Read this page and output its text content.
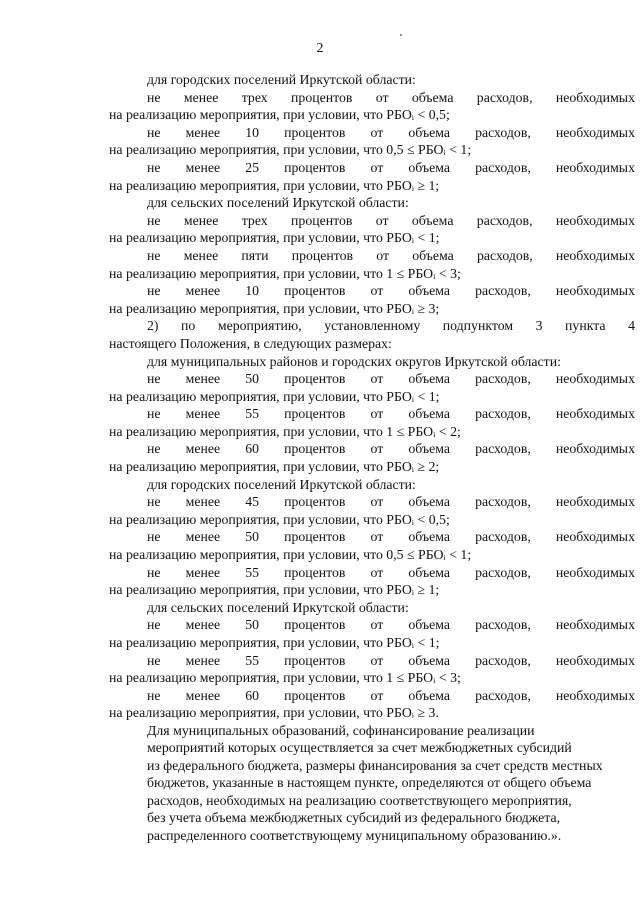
2
для городских поселений Иркутской области:
не менее трех процентов от объема расходов, необходимых
на реализацию мероприятия, при условии, что РБОᵢ < 0,5;
не менее 10 процентов от объема расходов, необходимых
на реализацию мероприятия, при условии, что 0,5 ≤ РБОᵢ < 1;
не менее 25 процентов от объема расходов, необходимых
на реализацию мероприятия, при условии, что РБОᵢ ≥ 1;
для сельских поселений Иркутской области:
не менее трех процентов от объема расходов, необходимых
на реализацию мероприятия, при условии, что РБОᵢ < 1;
не менее пяти процентов от объема расходов, необходимых
на реализацию мероприятия, при условии, что 1 ≤ РБОᵢ < 3;
не менее 10 процентов от объема расходов, необходимых
на реализацию мероприятия, при условии, что РБОᵢ ≥ 3;
2) по мероприятию, установленному подпунктом 3 пункта 4
настоящего Положения, в следующих размерах:
для муниципальных районов и городских округов Иркутской области:
не менее 50 процентов от объема расходов, необходимых
на реализацию мероприятия, при условии, что РБОᵢ < 1;
не менее 55 процентов от объема расходов, необходимых
на реализацию мероприятия, при условии, что 1 ≤ РБОᵢ < 2;
не менее 60 процентов от объема расходов, необходимых
на реализацию мероприятия, при условии, что РБОᵢ ≥ 2;
для городских поселений Иркутской области:
не менее 45 процентов от объема расходов, необходимых
на реализацию мероприятия, при условии, что РБОᵢ < 0,5;
не менее 50 процентов от объема расходов, необходимых
на реализацию мероприятия, при условии, что 0,5 ≤ РБОᵢ < 1;
не менее 55 процентов от объема расходов, необходимых
на реализацию мероприятия, при условии, что РБОᵢ ≥ 1;
для сельских поселений Иркутской области:
не менее 50 процентов от объема расходов, необходимых
на реализацию мероприятия, при условии, что РБОᵢ < 1;
не менее 55 процентов от объема расходов, необходимых
на реализацию мероприятия, при условии, что 1 ≤ РБОᵢ < 3;
не менее 60 процентов от объема расходов, необходимых
на реализацию мероприятия, при условии, что РБОᵢ ≥ 3.
Для муниципальных образований, софинансирование реализации
мероприятий которых осуществляется за счет межбюджетных субсидий
из федерального бюджета, размеры финансирования за счет средств местных
бюджетов, указанные в настоящем пункте, определяются от общего объема
расходов, необходимых на реализацию соответствующего мероприятия,
без учета объема межбюджетных субсидий из федерального бюджета,
распределенного соответствующему муниципальному образованию.».
